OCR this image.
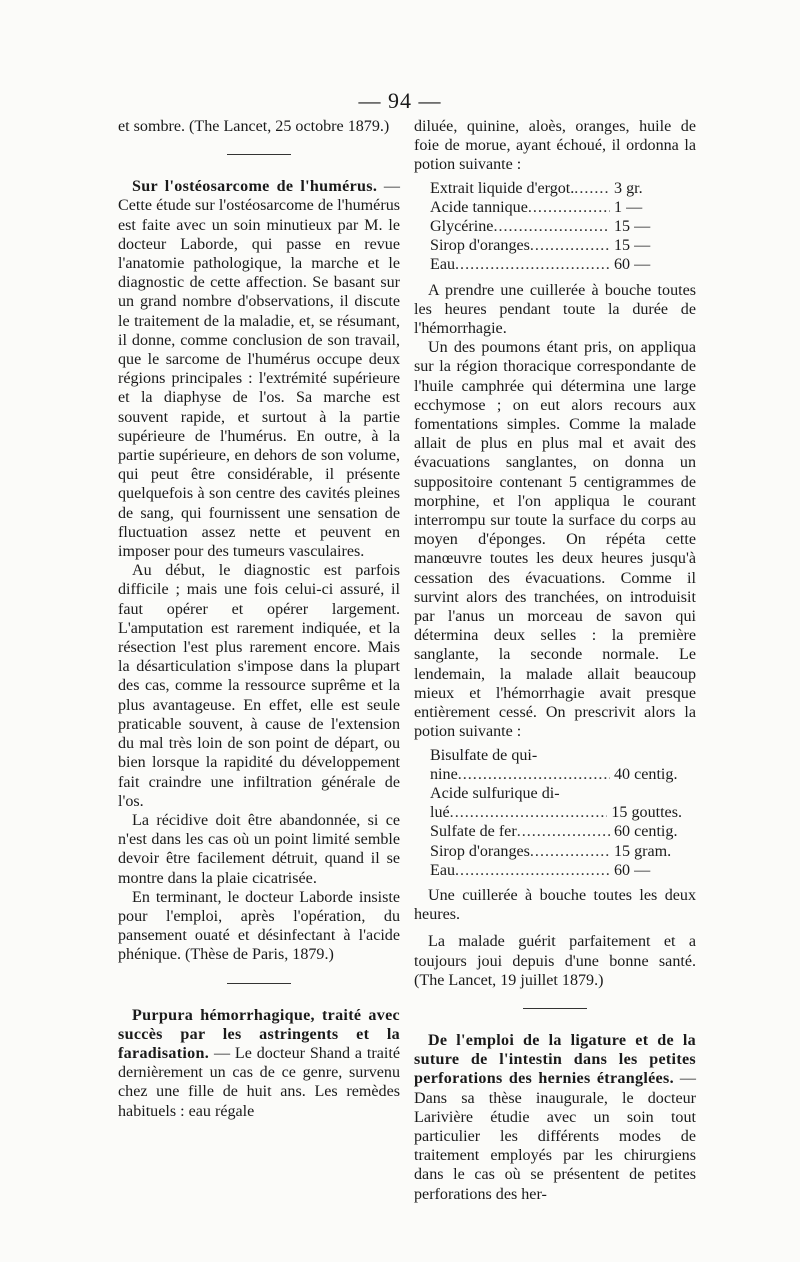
— 94 —

et sombre. (The Lancet, 25 octobre 1879.)

Sur l'ostéosarcome de l'humérus. — Cette étude sur l'ostéosarcome de l'humérus est faite avec un soin minutieux par M. le docteur Laborde, qui passe en revue l'anatomie pathologique, la marche et le diagnostic de cette affection. Se basant sur un grand nombre d'observations, il discute le traitement de la maladie, et, se résumant, il donne, comme conclusion de son travail, que le sarcome de l'humérus occupe deux régions principales : l'extrémité supérieure et la diaphyse de l'os. Sa marche est souvent rapide, et surtout à la partie supérieure de l'humérus. En outre, à la partie supérieure, en dehors de son volume, qui peut être considérable, il présente quelquefois à son centre des cavités pleines de sang, qui fournissent une sensation de fluctuation assez nette et peuvent en imposer pour des tumeurs vasculaires.

Au début, le diagnostic est parfois difficile ; mais une fois celui-ci assuré, il faut opérer et opérer largement. L'amputation est rarement indiquée, et la résection l'est plus rarement encore. Mais la désarticulation s'impose dans la plupart des cas, comme la ressource suprême et la plus avantageuse. En effet, elle est seule praticable souvent, à cause de l'extension du mal très loin de son point de départ, ou bien lorsque la rapidité du développement fait craindre une infiltration générale de l'os.

La récidive doit être abandonnée, si ce n'est dans les cas où un point limité semble devoir être facilement détruit, quand il se montre dans la plaie cicatrisée.

En terminant, le docteur Laborde insiste pour l'emploi, après l'opération, du pansement ouaté et désinfectant à l'acide phénique. (Thèse de Paris, 1879.)

Purpura hémorrhagique, traité avec succès par les astringents et la faradisation. — Le docteur Shand a traité dernièrement un cas de ce genre, survenu chez une fille de huit ans. Les remèdes habituels : eau régale

diluée, quinine, aloès, oranges, huile de foie de morue, ayant échoué, il ordonna la potion suivante :

Extrait liquide d'ergot. ..... 3 gr.
Acide tannique .....	1 —
Glycérine .....	15 —
Sirop d'oranges .....	15 —
Eau .....	60 —

A prendre une cuillerée à bouche toutes les heures pendant toute la durée de l'hémorrhagie.

Un des poumons étant pris, on appliqua sur la région thoracique correspondante de l'huile camphrée qui détermina une large ecchymose ; on eut alors recours aux fomentations simples. Comme la malade allait de plus en plus mal et avait des évacuations sanglantes, on donna un suppositoire contenant 5 centigrammes de morphine, et l'on appliqua le courant interrompu sur toute la surface du corps au moyen d'éponges. On répéta cette manœuvre toutes les deux heures jusqu'à cessation des évacuations. Comme il survint alors des tranchées, on introduisit par l'anus un morceau de savon qui détermina deux selles : la première sanglante, la seconde normale. Le lendemain, la malade allait beaucoup mieux et l'hémorrhagie avait presque entièrement cessé. On prescrivit alors la potion suivante :

Bisulfate de qui-
nine .....	40 centig.
Acide sulfurique di-
lué .....	15 gouttes.
Sulfate de fer .....	60 centig.
Sirop d'oranges .....	15 gram.
Eau .....	60 —

Une cuillerée à bouche toutes les deux heures.

La malade guérit parfaitement et a toujours joui depuis d'une bonne santé. (The Lancet, 19 juillet 1879.)

De l'emploi de la ligature et de la suture de l'intestin dans les petites perforations des hernies étranglées. — Dans sa thèse inaugurale, le docteur Larivière étudie avec un soin tout particulier les différents modes de traitement employés par les chirurgiens dans le cas où se présentent de petites perforations des her-
